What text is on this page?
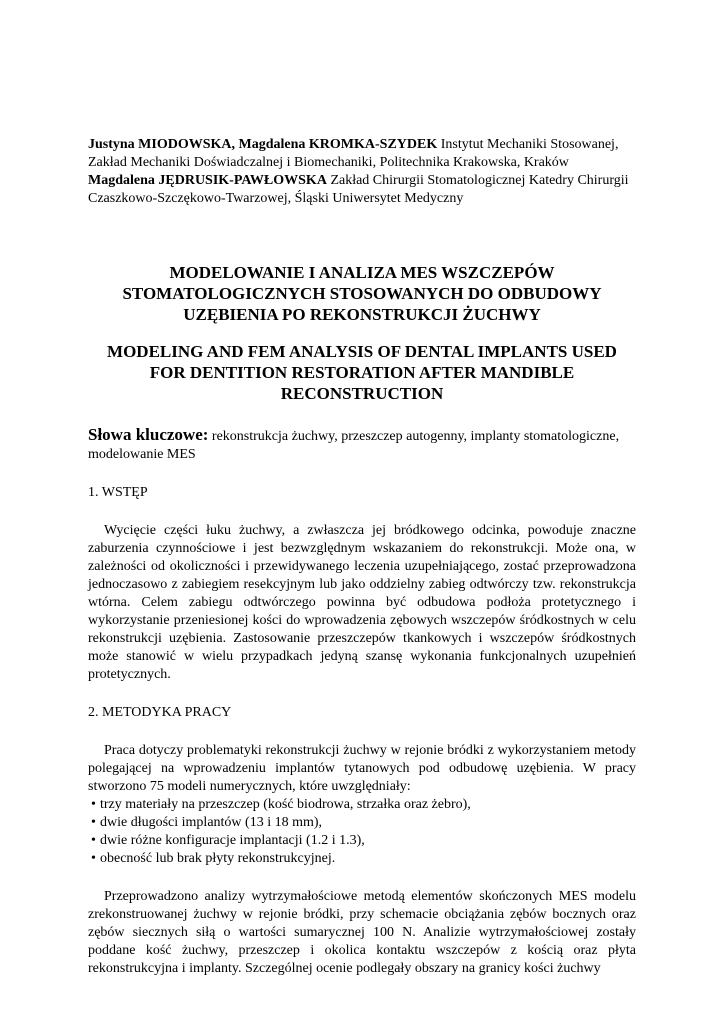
Justyna MIODOWSKA, Magdalena KROMKA-SZYDEK Instytut Mechaniki Stosowanej, Zakład Mechaniki Doświadczalnej i Biomechaniki, Politechnika Krakowska, Kraków

Magdalena JĘDRUSIK-PAWŁOWSKA Zakład Chirurgii Stomatologicznej Katedry Chirurgii Czaszkowo-Szczękowo-Twarzowej, Śląski Uniwersytet Medyczny

MODELOWANIE I ANALIZA MES WSZCZEPÓW
STOMATOLOGICZNYCH STOSOWANYCH DO ODBUDOWY
UZĘBIENIA PO REKONSTRUKCJI ŻUCHWY
MODELING AND FEM ANALYSIS OF DENTAL IMPLANTS USED
FOR DENTITION RESTORATION AFTER MANDIBLE
RECONSTRUCTION
Słowa kluczowe: rekonstrukcja żuchwy, przeszczep autogenny, implanty stomatologiczne, modelowanie MES
1. WSTĘP
Wycięcie części łuku żuchwy, a zwłaszcza jej bródkowego odcinka, powoduje znaczne zaburzenia czynnościowe i jest bezwzględnym wskazaniem do rekonstrukcji. Może ona, w zależności od okoliczności i przewidywanego leczenia uzupełniającego, zostać przeprowadzona jednoczasowo z zabiegiem resekcyjnym lub jako oddzielny zabieg odtwórczy tzw. rekonstrukcja wtórna. Celem zabiegu odtwórczego powinna być odbudowa podłoża protetycznego i wykorzystanie przeniesionej kości do wprowadzenia zębowych wszczepów śródkostnych w celu rekonstrukcji uzębienia. Zastosowanie przeszczepów tkankowych i wszczepów śródkostnych może stanowić w wielu przypadkach jedyną szansę wykonania funkcjonalnych uzupełnień protetycznych.
2. METODYKA PRACY
Praca dotyczy problematyki rekonstrukcji żuchwy w rejonie bródki z wykorzystaniem metody polegającej na wprowadzeniu implantów tytanowych pod odbudowę uzębienia. W pracy stworzono 75 modeli numerycznych, które uwzględniały:
• trzy materiały na przeszczep (kość biodrowa, strzałka oraz żebro),
• dwie długości implantów (13 i 18 mm),
• dwie różne konfiguracje implantacji (1.2 i 1.3),
• obecność lub brak płyty rekonstrukcyjnej.
Przeprowadzono analizy wytrzymałościowe metodą elementów skończonych MES modelu zrekonstruowanej żuchwy w rejonie bródki, przy schemacie obciążania zębów bocznych oraz zębów siecznych siłą o wartości sumarycznej 100 N. Analizie wytrzymałościowej zostały poddane kość żuchwy, przeszczep i okolica kontaktu wszczepów z kością oraz płyta rekonstrukcyjna i implanty. Szczególnej ocenie podlegały obszary na granicy kości żuchwy
